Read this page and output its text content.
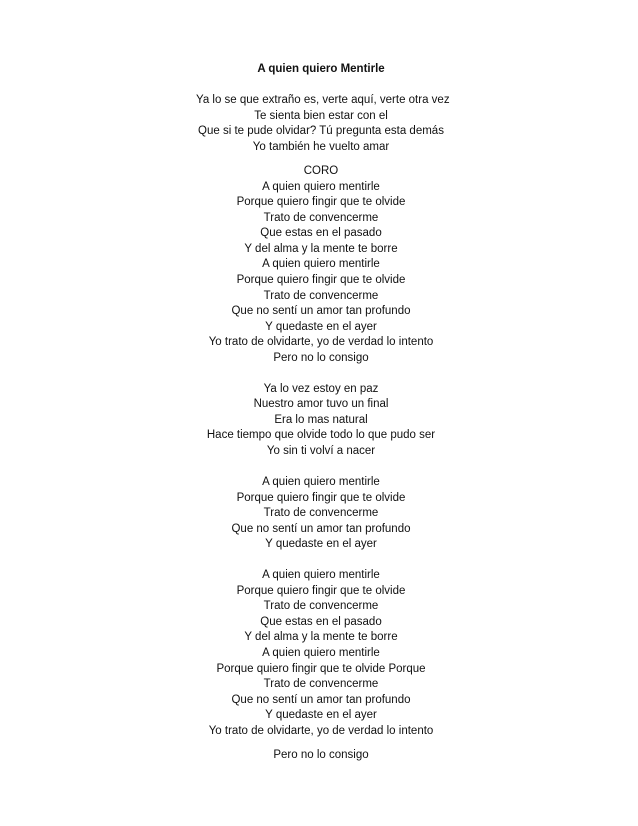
A quien quiero Mentirle
Ya lo se que extraño es, verte aquí, verte otra vez
Te sienta bien estar con el
Que si te pude olvidar? Tú pregunta esta demás
Yo también he vuelto amar
CORO
A quien quiero mentirle
Porque quiero fingir que te olvide
Trato de convencerme
Que estas en el pasado
Y del alma y la mente te borre
A quien quiero mentirle
Porque quiero fingir que te olvide
Trato de convencerme
Que no sentí un amor tan profundo
Y quedaste en el ayer
Yo trato de olvidarte, yo de verdad lo intento
Pero no lo consigo
Ya lo vez estoy en paz
Nuestro amor tuvo un final
Era lo mas natural
Hace tiempo que olvide todo lo que pudo ser
Yo sin ti volví a nacer
A quien quiero mentirle
Porque quiero fingir que te olvide
Trato de convencerme
Que no sentí un amor tan profundo
Y quedaste en el ayer
A quien quiero mentirle
Porque quiero fingir que te olvide
Trato de convencerme
Que estas en el pasado
Y del alma y la mente te borre
A quien quiero mentirle
Porque quiero fingir que te olvide Porque
Trato de convencerme
Que no sentí un amor tan profundo
Y quedaste en el ayer
Yo trato de olvidarte, yo de verdad lo intento
Pero no lo consigo
